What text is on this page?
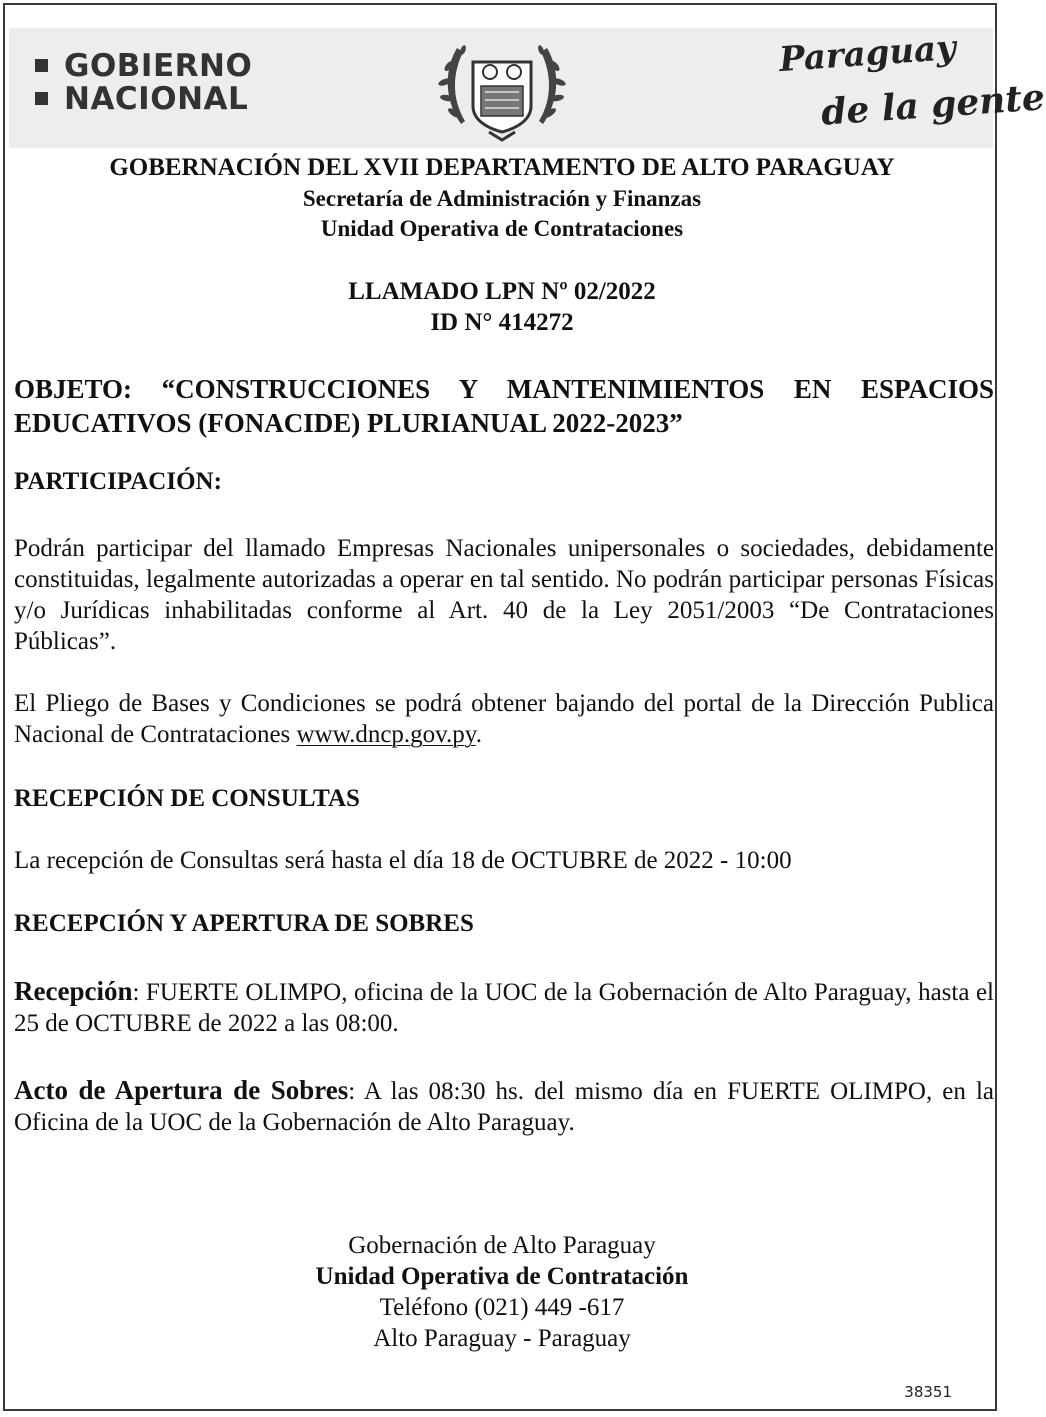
GOBIERNO
NACIONAL
Paraguay
de la gente
GOBERNACIÓN DEL XVII DEPARTAMENTO DE ALTO PARAGUAY
Secretaría de Administración y Finanzas
Unidad Operativa de Contrataciones
LLAMADO LPN Nº 02/2022
ID N° 414272
OBJETO: “CONSTRUCCIONES Y MANTENIMIENTOS EN ESPACIOS EDUCATIVOS (FONACIDE) PLURIANUAL 2022-2023”
PARTICIPACIÓN:
Podrán participar del llamado Empresas Nacionales unipersonales o sociedades, debidamente constituidas, legalmente autorizadas a operar en tal sentido. No podrán participar personas Físicas y/o Jurídicas inhabilitadas conforme al Art. 40 de la Ley 2051/2003 “De Contrataciones Públicas”.
El Pliego de Bases y Condiciones se podrá obtener bajando del portal de la Dirección Publica Nacional de Contrataciones www.dncp.gov.py.
RECEPCIÓN DE CONSULTAS
La recepción de Consultas será hasta el día 18 de OCTUBRE de 2022 - 10:00
RECEPCIÓN Y APERTURA DE SOBRES
Recepción: FUERTE OLIMPO, oficina de la UOC de la Gobernación de Alto Paraguay, hasta el 25 de OCTUBRE de 2022 a las 08:00.
Acto de Apertura de Sobres: A las 08:30 hs. del mismo día en FUERTE OLIMPO, en la Oficina de la UOC de la Gobernación de Alto Paraguay.
Gobernación de Alto Paraguay
Unidad Operativa de Contratación
Teléfono (021) 449 -617
Alto Paraguay - Paraguay
38351
